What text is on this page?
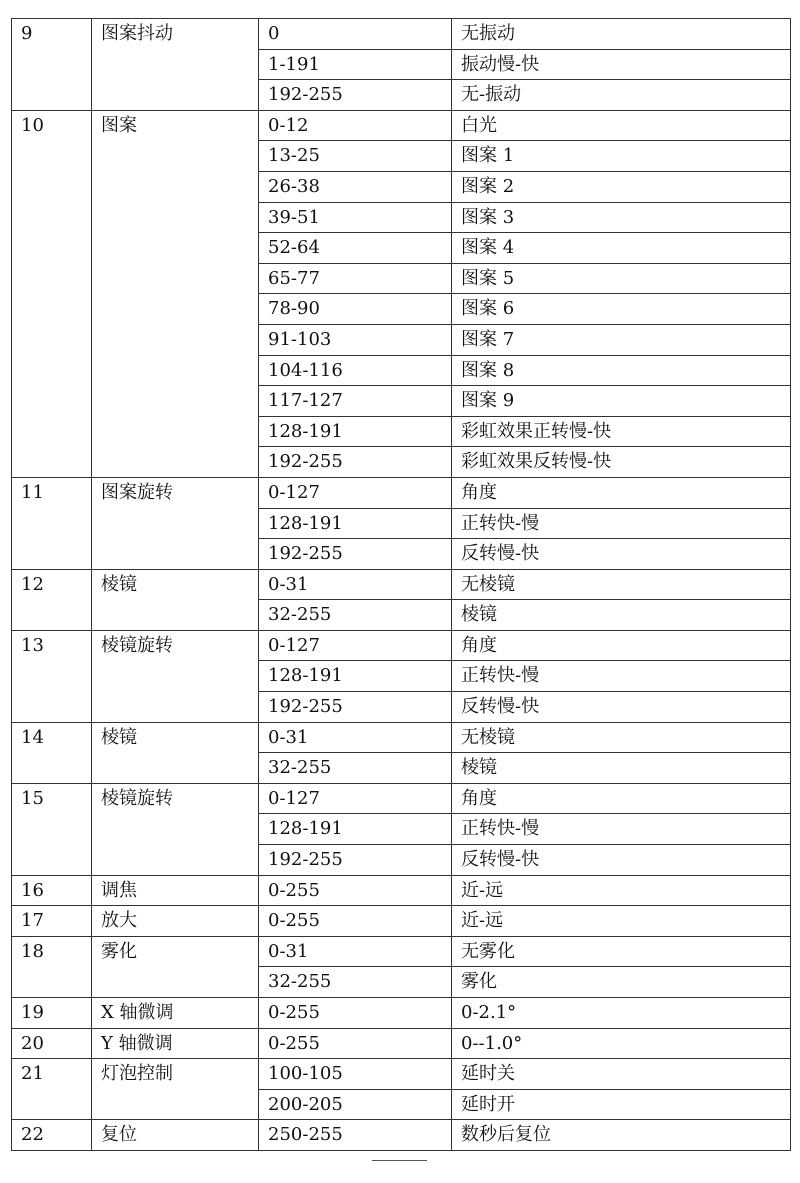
9	图案抖动	0	无振动
		1-191	振动慢-快
		192-255	无-振动
10	图案	0-12	白光
		13-25	图案 1
		26-38	图案 2
		39-51	图案 3
		52-64	图案 4
		65-77	图案 5
		78-90	图案 6
		91-103	图案 7
		104-116	图案 8
		117-127	图案 9
		128-191	彩虹效果正转慢-快
		192-255	彩虹效果反转慢-快
11	图案旋转	0-127	角度
		128-191	正转快-慢
		192-255	反转慢-快
12	棱镜	0-31	无棱镜
		32-255	棱镜
13	棱镜旋转	0-127	角度
		128-191	正转快-慢
		192-255	反转慢-快
14	棱镜	0-31	无棱镜
		32-255	棱镜
15	棱镜旋转	0-127	角度
		128-191	正转快-慢
		192-255	反转慢-快
16	调焦	0-255	近-远
17	放大	0-255	近-远
18	雾化	0-31	无雾化
		32-255	雾化
19	X 轴微调	0-255	0-2.1°
20	Y 轴微调	0-255	0--1.0°
21	灯泡控制	100-105	延时关
		200-205	延时开
22	复位	250-255	数秒后复位
